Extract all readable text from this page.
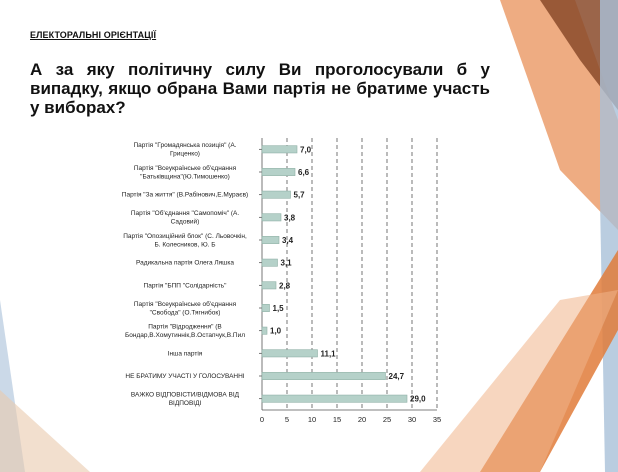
ЕЛЕКТОРАЛЬНІ ОРІЄНТАЦІЇ
А за яку політичну силу Ви проголосували б у випадку, якщо обрана Вами партія не братиме участь у виборах?
Партія "Громадянська позиція" (А. Гриценко)
Партія "Всеукраїнське об'єднання "Батьківщина"(Ю.Тимошенко)
Партія "За життя" (В.Рабінович,Е.Мураєв)
Партія "Об'єднання "Самопоміч" (А. Садовий)
Партія "Опозиційний блок" (С. Льовочкін, Б. Колесников, Ю. Б
Радикальна партія Олега Ляшка
Партія "БПП "Солідарність"
Партія "Всеукраїнське об'єднання "Свобода" (О.Тягнибок)
Партія "Відродження" (В Бондар,В.Хомутиннік,В.Остапчук,В.Пил
Інша партія
НЕ БРАТИМУ УЧАСТІ У ГОЛОСУВАННІ
ВАЖКО ВІДПОВІСТИ/ВІДМОВА ВІД ВІДПОВІДІ
7,0
6,6
5,7
3,8
3,4
3,1
2,8
1,5
1,0
11,1
24,7
29,0
0	5 10 15 20 25 30 35
